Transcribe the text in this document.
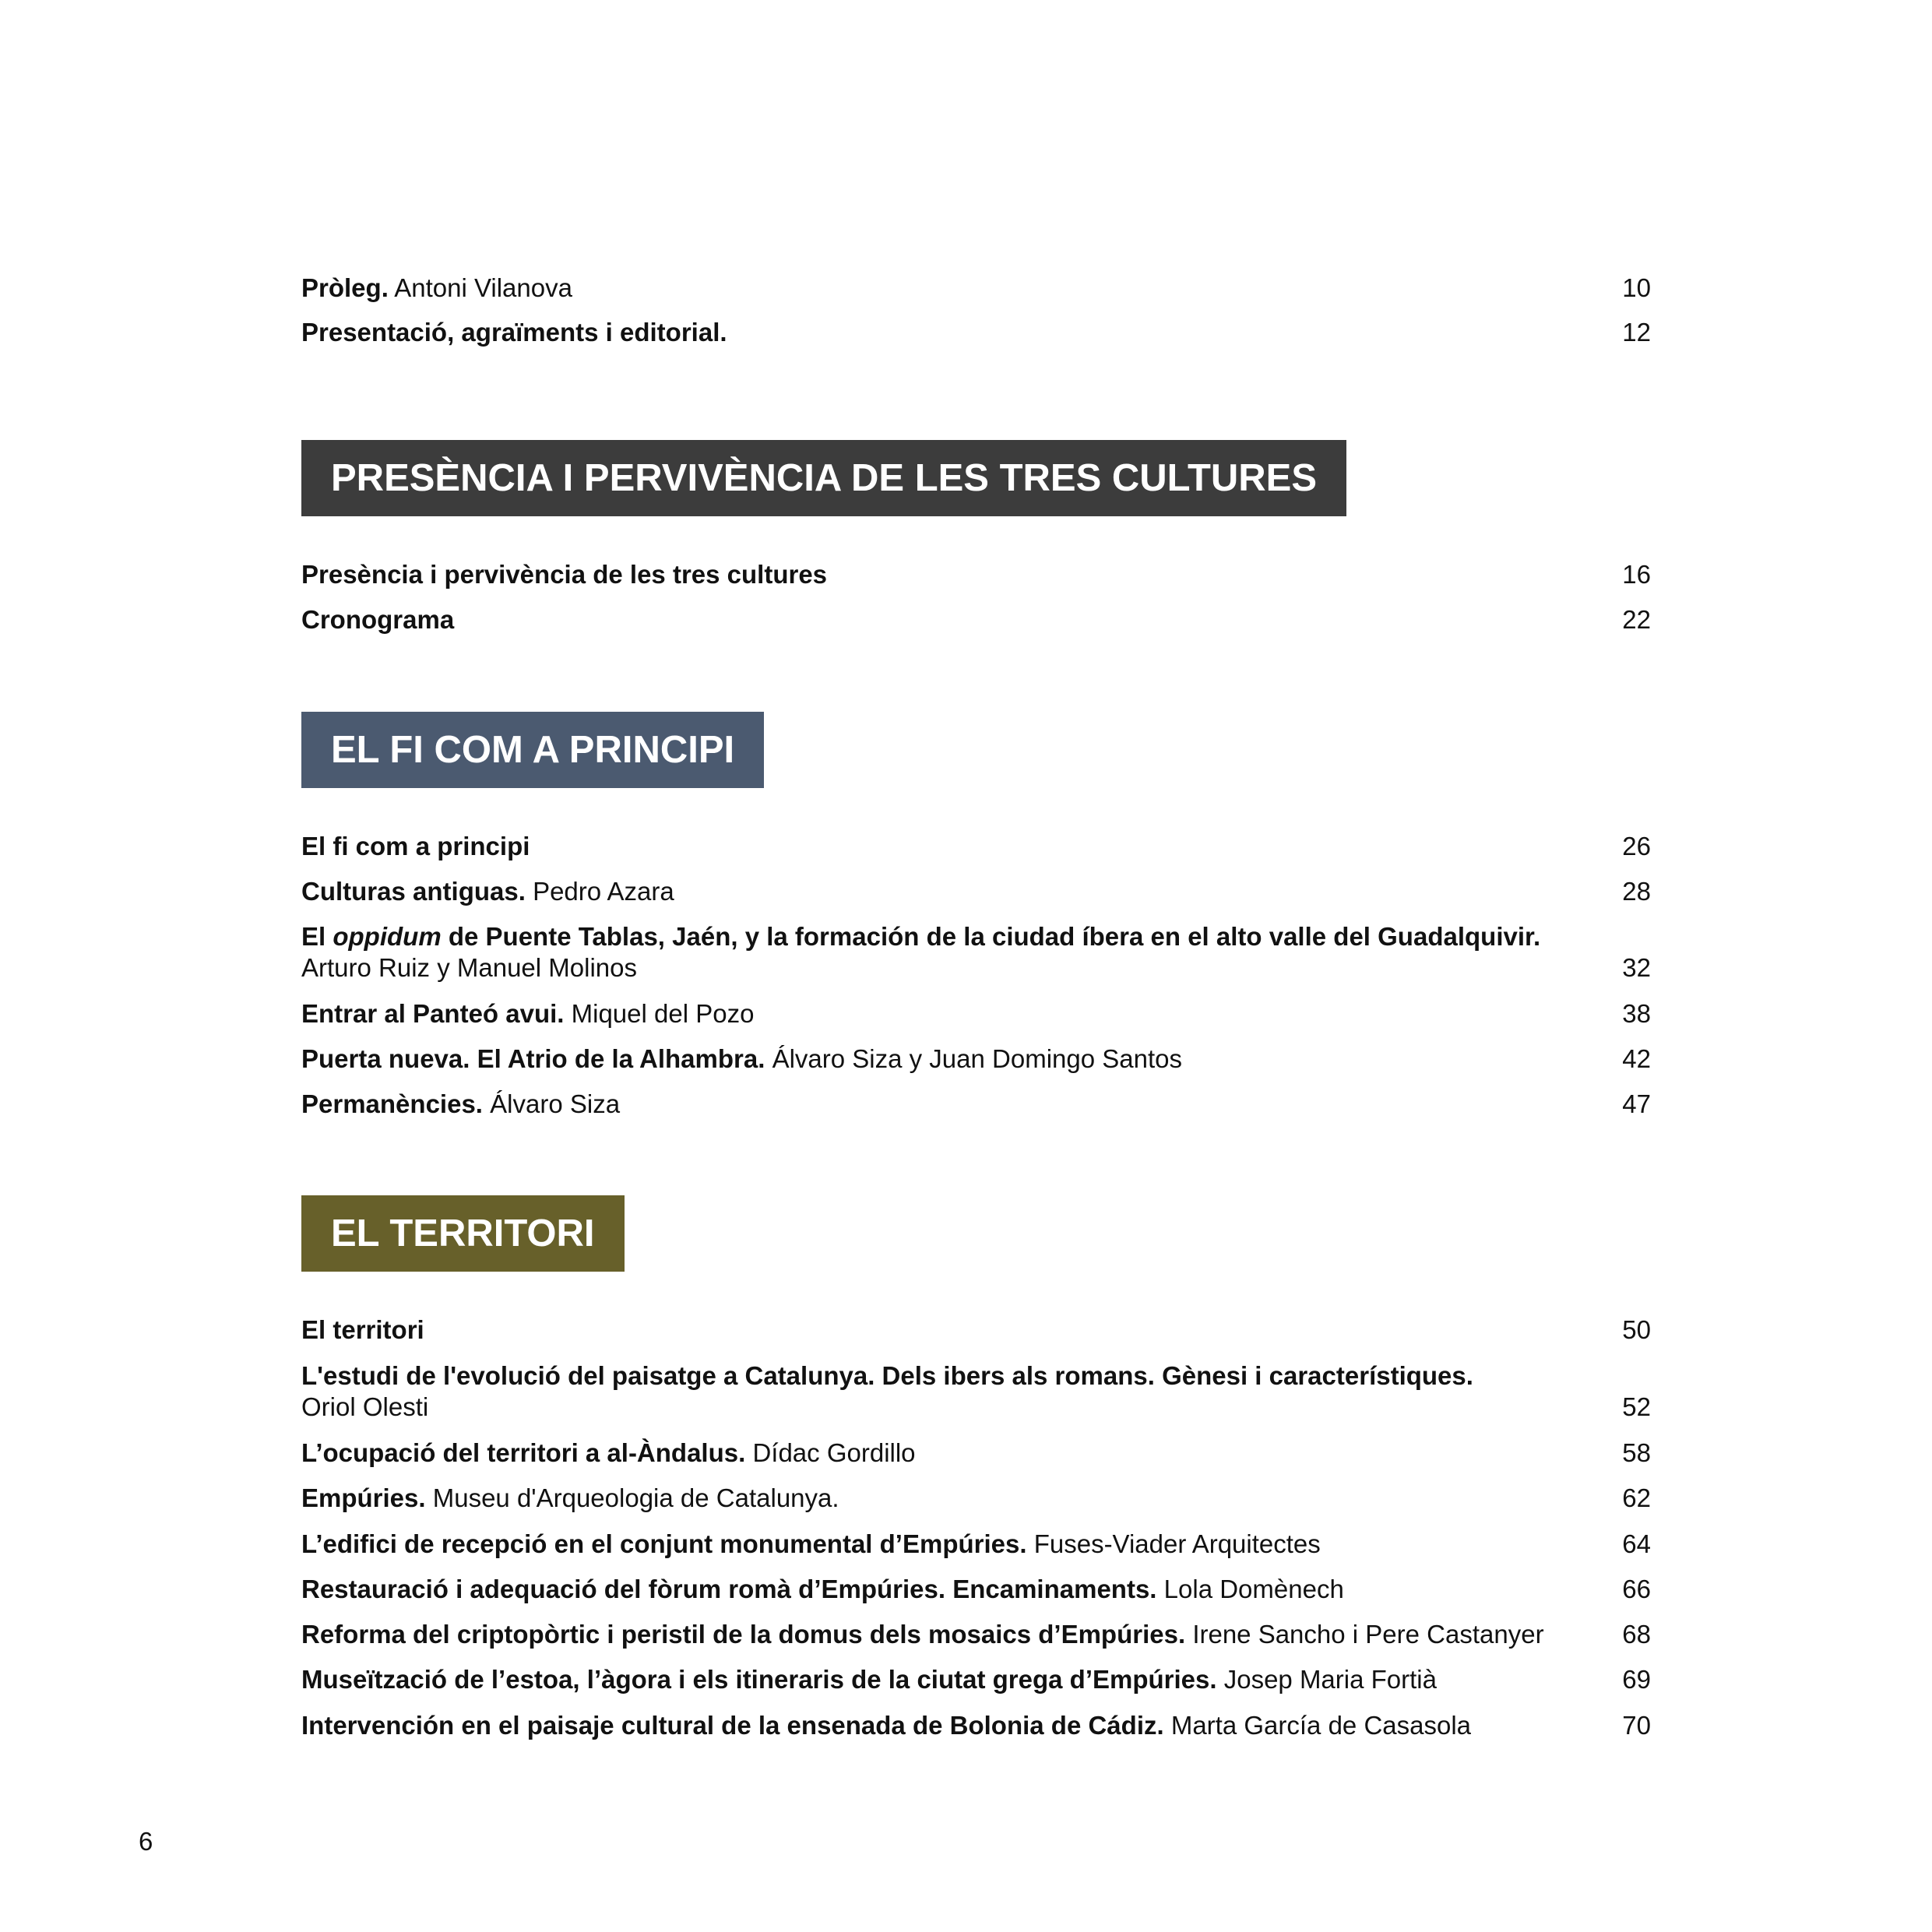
Pròleg. Antoni Vilanova	10
Presentació, agraïments i editorial.	12
PRESÈNCIA I PERVIVÈNCIA DE LES TRES CULTURES
Presència i pervivència de les tres cultures	16
Cronograma	22
EL FI COM A PRINCIPI
El fi com a principi	26
Culturas antiguas. Pedro Azara	28
El oppidum de Puente Tablas, Jaén, y la formación de la ciudad íbera en el alto valle del Guadalquivir.
Arturo Ruiz y Manuel Molinos	32
Entrar al Panteó avui. Miquel del Pozo	38
Puerta nueva. El Atrio de la Alhambra. Álvaro Siza y Juan Domingo Santos	42
Permanències. Álvaro Siza	47
EL TERRITORI
El territori	50
L'estudi de l'evolució del paisatge a Catalunya. Dels ibers als romans. Gènesi i característiques.
Oriol Olesti	52
L’ocupació del territori a al-Àndalus. Dídac Gordillo	58
Empúries. Museu d'Arqueologia de Catalunya.	62
L’edifici de recepció en el conjunt monumental d’Empúries. Fuses-Viader Arquitectes	64
Restauració i adequació del fòrum romà d’Empúries. Encaminaments. Lola Domènech	66
Reforma del criptopòrtic i peristil de la domus dels mosaics d’Empúries. Irene Sancho i Pere Castanyer	68
Museïtzació de l’estoa, l’àgora i els itineraris de la ciutat grega d’Empúries. Josep Maria Fortià	69
Intervención en el paisaje cultural de la ensenada de Bolonia de Cádiz. Marta García de Casasola	70
6
